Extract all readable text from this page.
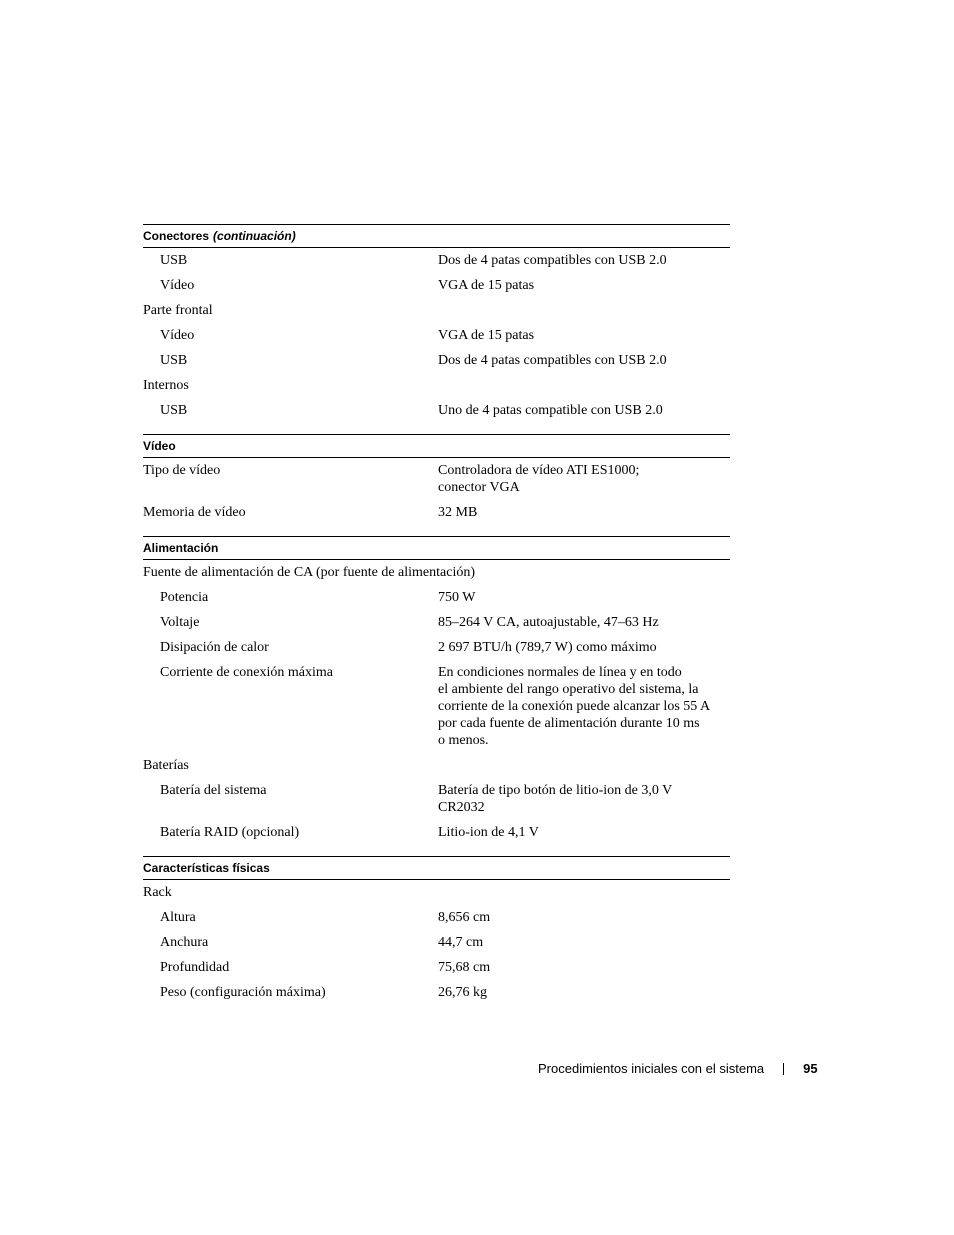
Conectores (continuación)
USB	Dos de 4 patas compatibles con USB 2.0
Vídeo	VGA de 15 patas
Parte frontal
Vídeo	VGA de 15 patas
USB	Dos de 4 patas compatibles con USB 2.0
Internos
USB	Uno de 4 patas compatible con USB 2.0
Vídeo
Tipo de vídeo	Controladora de vídeo ATI ES1000;
conector VGA
Memoria de vídeo	32 MB
Alimentación
Fuente de alimentación de CA (por fuente de alimentación)
Potencia	750 W
Voltaje	85–264 V CA, autoajustable, 47–63 Hz
Disipación de calor	2 697 BTU/h (789,7 W) como máximo
Corriente de conexión máxima	En condiciones normales de línea y en todo
el ambiente del rango operativo del sistema, la
corriente de la conexión puede alcanzar los 55 A
por cada fuente de alimentación durante 10 ms
o menos.
Baterías
Batería del sistema	Batería de tipo botón de litio-ion de 3,0 V
CR2032
Batería RAID (opcional)	Litio-ion de 4,1 V
Características físicas
Rack
Altura	8,656 cm
Anchura	44,7 cm
Profundidad	75,68 cm
Peso (configuración máxima)	26,76 kg
Procedimientos iniciales con el sistema	95
